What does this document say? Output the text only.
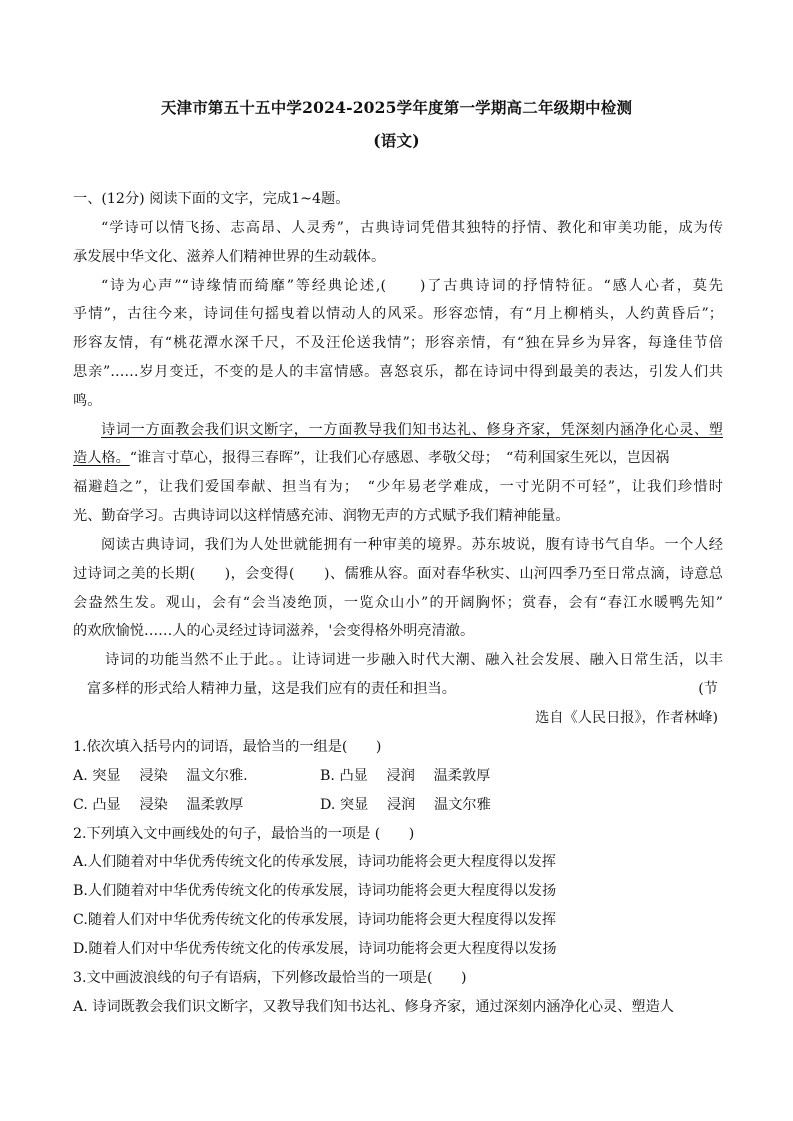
天津市第五十五中学2024-2025学年度第一学期高二年级期中检测
(语文)
一、(12分) 阅读下面的文字，完成1~4题。
“学诗可以情飞扬、志高昂、人灵秀”，古典诗词凭借其独特的抒情、教化和审美功能，成为传
承发展中华文化、滋养人们精神世界的生动载体。
“诗为心声”“诗缘情而绮靡”等经典论述,(　　)了古典诗词的抒情特征。“感人心者，莫先
乎情”，古往今来，诗词佳句摇曳着以情动人的风采。形容恋情，有“月上柳梢头，人约黄昏后”；
形容友情，有“桃花潭水深千尺，不及汪伦送我情”；形容亲情，有“独在异乡为异客，每逢佳节倍
思亲”……岁月变迁，不变的是人的丰富情感。喜怒哀乐，都在诗词中得到最美的表达，引发人们共
鸣。
诗词一方面教会我们识文断字，一方面教导我们知书达礼、修身齐家，凭深刻内涵净化心灵、塑
造人格。“谁言寸草心，报得三春晖”，让我们心存感恩、孝敬父母；　“苟利国家生死以，岂因祸
福避趋之”，让我们爱国奉献、担当有为；　“少年易老学难成，一寸光阴不可轻”，让我们珍惜时
光、勤奋学习。古典诗词以这样情感充沛、润物无声的方式赋予我们精神能量。
阅读古典诗词，我们为人处世就能拥有一种审美的境界。苏东坡说，腹有诗书气自华。一个人经
过诗词之美的长期(　　)，会变得(　　)、儒雅从容。面对春华秋实、山河四季乃至日常点滴，诗意总
会盎然生发。观山，会有“会当凌绝顶，一览众山小”的开阔胸怀；赏春，会有“春江水暖鸭先知”
的欢欣愉悦……人的心灵经过诗词滋养，'会变得格外明亮清澈。
诗词的功能当然不止于此。。让诗词进一步融入时代大潮、融入社会发展、融入日常生活，以丰
富多样的形式给人精神力量，这是我们应有的责任和担当。	(节
选自《人民日报》，作者林峰)
1.依次填入括号内的词语，最恰当的一组是(　　)
A. 突显　 浸染　 温文尔雅.	B. 凸显　 浸润　 温柔敦厚
C. 凸显　 浸染　 温柔敦厚	D. 突显　 浸润　 温文尔雅
2.下列填入文中画线处的句子，最恰当的一项是 (　　)
A.人们随着对中华优秀传统文化的传承发展，诗词功能将会更大程度得以发挥
B.人们随着对中华优秀传统文化的传承发展，诗词功能将会更大程度得以发扬
C.随着人们对中华优秀传统文化的传承发展，诗词功能将会更大程度得以发挥
D.随着人们对中华优秀传统文化的传承发展，诗词功能将会更大程度得以发扬
3.文中画波浪线的句子有语病，下列修改最恰当的一项是(　　)
A. 诗词既教会我们识文断字，又教导我们知书达礼、修身齐家，通过深刻内涵净化心灵、塑造人
